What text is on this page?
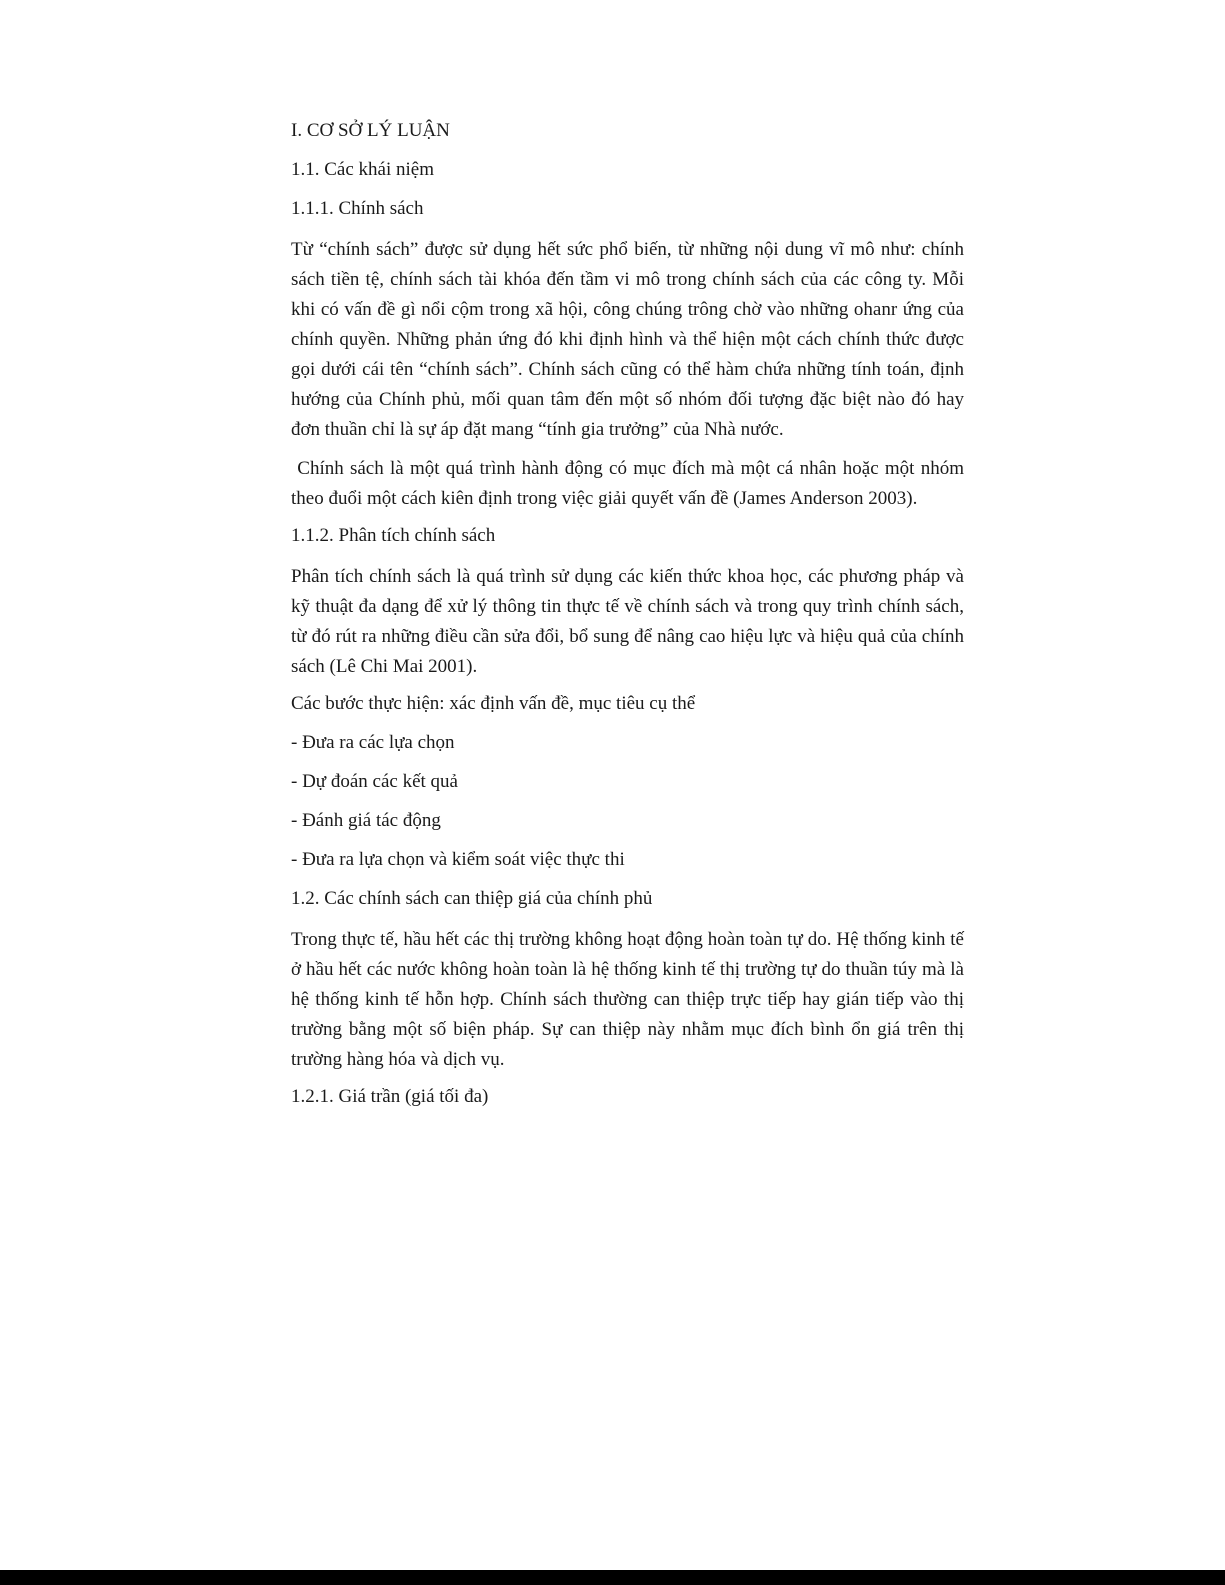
I. CƠ SỞ LÝ LUẬN
1.1. Các khái niệm
1.1.1. Chính sách

Từ “chính sách” được sử dụng hết sức phổ biến, từ những nội dung vĩ mô như: chính sách tiền tệ, chính sách tài khóa đến tầm vi mô trong chính sách của các công ty. Mỗi khi có vấn đề gì nổi cộm trong xã hội, công chúng trông chờ vào những ohanr ứng của chính quyền. Những phản ứng đó khi định hình và thể hiện một cách chính thức được gọi dưới cái tên “chính sách”. Chính sách cũng có thể hàm chứa những tính toán, định hướng của Chính phủ, mối quan tâm đến một số nhóm đối tượng đặc biệt nào đó hay đơn thuần chỉ là sự áp đặt mang “tính gia trưởng” của Nhà nước.

Chính sách là một quá trình hành động có mục đích mà một cá nhân hoặc một nhóm theo đuổi một cách kiên định trong việc giải quyết vấn đề (James Anderson 2003).

1.1.2. Phân tích chính sách

Phân tích chính sách là quá trình sử dụng các kiến thức khoa học, các phương pháp và kỹ thuật đa dạng để xử lý thông tin thực tế về chính sách và trong quy trình chính sách, từ đó rút ra những điều cần sửa đổi, bổ sung để nâng cao hiệu lực và hiệu quả của chính sách (Lê Chi Mai 2001).

Các bước thực hiện: xác định vấn đề, mục tiêu cụ thể
- Đưa ra các lựa chọn
- Dự đoán các kết quả
- Đánh giá tác động
- Đưa ra lựa chọn và kiểm soát việc thực thi
1.2. Các chính sách can thiệp giá của chính phủ

Trong thực tế, hầu hết các thị trường không hoạt động hoàn toàn tự do. Hệ thống kinh tế ở hầu hết các nước không hoàn toàn là hệ thống kinh tế thị trường tự do thuần túy mà là hệ thống kinh tế hỗn hợp. Chính sách thường can thiệp trực tiếp hay gián tiếp vào thị trường bằng một số biện pháp. Sự can thiệp này nhằm mục đích bình ổn giá trên thị trường hàng hóa và dịch vụ.

1.2.1. Giá trần (giá tối đa)
